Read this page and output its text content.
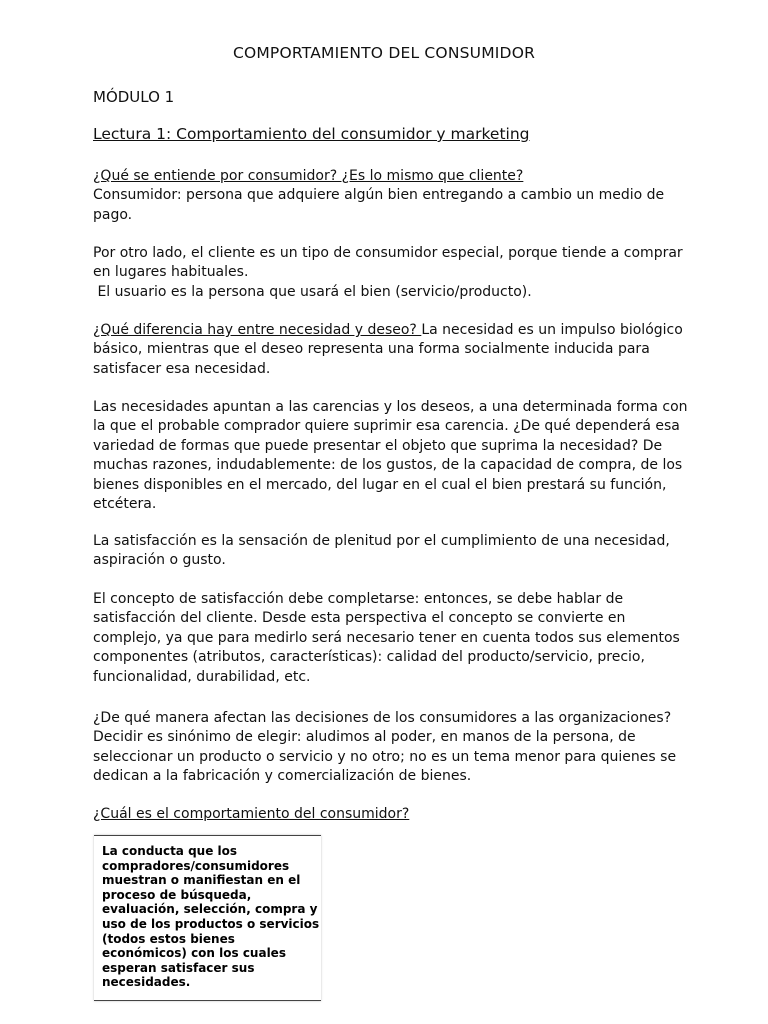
COMPORTAMIENTO DEL CONSUMIDOR
MÓDULO 1
Lectura 1: Comportamiento del consumidor y marketing
¿Qué se entiende por consumidor? ¿Es lo mismo que cliente?
Consumidor: persona que adquiere algún bien entregando a cambio un medio de
pago.
Por otro lado, el cliente es un tipo de consumidor especial, porque tiende a comprar
en lugares habituales.
El usuario es la persona que usará el bien (servicio/producto).
¿Qué diferencia hay entre necesidad y deseo? La necesidad es un impulso biológico
básico, mientras que el deseo representa una forma socialmente inducida para
satisfacer esa necesidad.
Las necesidades apuntan a las carencias y los deseos, a una determinada forma con
la que el probable comprador quiere suprimir esa carencia. ¿De qué dependerá esa
variedad de formas que puede presentar el objeto que suprima la necesidad? De
muchas razones, indudablemente: de los gustos, de la capacidad de compra, de los
bienes disponibles en el mercado, del lugar en el cual el bien prestará su función,
etcétera.
La satisfacción es la sensación de plenitud por el cumplimiento de una necesidad,
aspiración o gusto.
El concepto de satisfacción debe completarse: entonces, se debe hablar de
satisfacción del cliente. Desde esta perspectiva el concepto se convierte en
complejo, ya que para medirlo será necesario tener en cuenta todos sus elementos
componentes (atributos, características): calidad del producto/servicio, precio,
funcionalidad, durabilidad, etc.
¿De qué manera afectan las decisiones de los consumidores a las organizaciones?
Decidir es sinónimo de elegir: aludimos al poder, en manos de la persona, de
seleccionar un producto o servicio y no otro; no es un tema menor para quienes se
dedican a la fabricación y comercialización de bienes.
¿Cuál es el comportamiento del consumidor?
La conducta que los
compradores/consumidores
muestran o manifiestan en el
proceso de búsqueda,
evaluación, selección, compra y
uso de los productos o servicios
(todos estos bienes
económicos) con los cuales
esperan satisfacer sus
necesidades.
